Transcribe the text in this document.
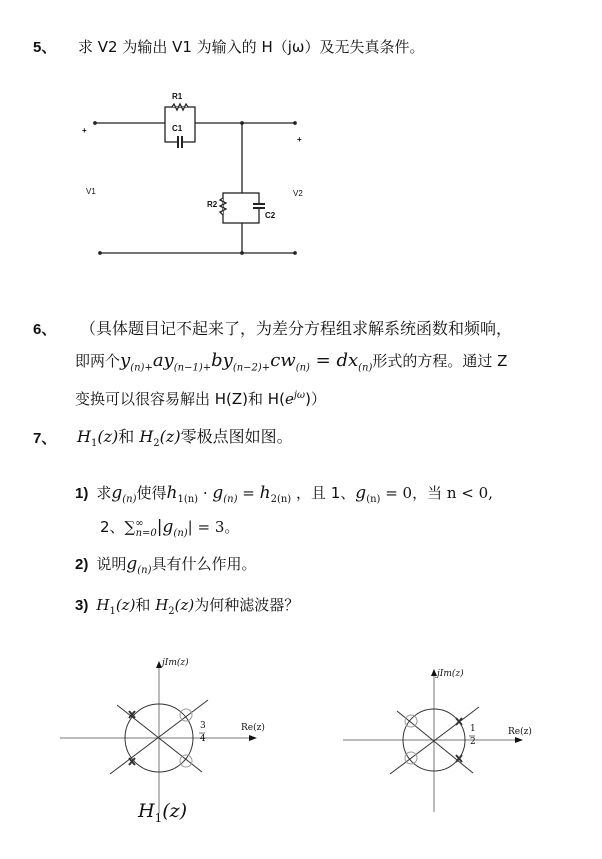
5、 求 V2 为输出 V1 为输入的 H（jω）及无失真条件。
R1
C1
R2
C2
V1	V2
+
+
6、 （具体题目记不起来了，为差分方程组求解系统函数和频响，
即两个$y_{(n)+}ay_{(n-1)+}by_{(n-2)+}cw_{(n)} = dx_{(n)}$形式的方程。通过 Z
变换可以很容易解出 H(Z)和 $H(e^{j\omega})$）
7、 $H_1(z)$和 $H_2(z)$零极点图如图。
1) 求$g_{(n)}$使得$h_{1(n)} \cdot g_{(n)} = h_{2(n)}$ ，且 1、$g_{(n)} = 0$，当 n < 0,
2、$\sum^\infty_{n=0}|g_{(n)}| = 3$。
2) 说明$g_{(n)}$具有什么作用。
3) $H_1(z)$和 $H_2(z)$为何种滤波器？
jIm(z)
Re(z)
3
4
$H_1(z)$
jIm(z)
Re(z)
1
2
